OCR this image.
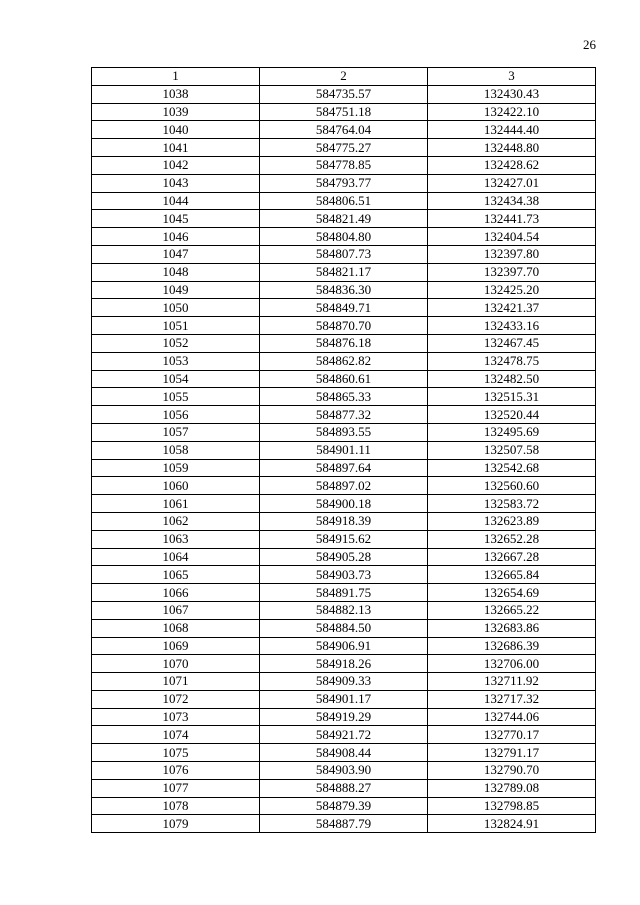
26
1	2	3
1038	584735.57	132430.43
1039	584751.18	132422.10
1040	584764.04	132444.40
1041	584775.27	132448.80
1042	584778.85	132428.62
1043	584793.77	132427.01
1044	584806.51	132434.38
1045	584821.49	132441.73
1046	584804.80	132404.54
1047	584807.73	132397.80
1048	584821.17	132397.70
1049	584836.30	132425.20
1050	584849.71	132421.37
1051	584870.70	132433.16
1052	584876.18	132467.45
1053	584862.82	132478.75
1054	584860.61	132482.50
1055	584865.33	132515.31
1056	584877.32	132520.44
1057	584893.55	132495.69
1058	584901.11	132507.58
1059	584897.64	132542.68
1060	584897.02	132560.60
1061	584900.18	132583.72
1062	584918.39	132623.89
1063	584915.62	132652.28
1064	584905.28	132667.28
1065	584903.73	132665.84
1066	584891.75	132654.69
1067	584882.13	132665.22
1068	584884.50	132683.86
1069	584906.91	132686.39
1070	584918.26	132706.00
1071	584909.33	132711.92
1072	584901.17	132717.32
1073	584919.29	132744.06
1074	584921.72	132770.17
1075	584908.44	132791.17
1076	584903.90	132790.70
1077	584888.27	132789.08
1078	584879.39	132798.85
1079	584887.79	132824.91
